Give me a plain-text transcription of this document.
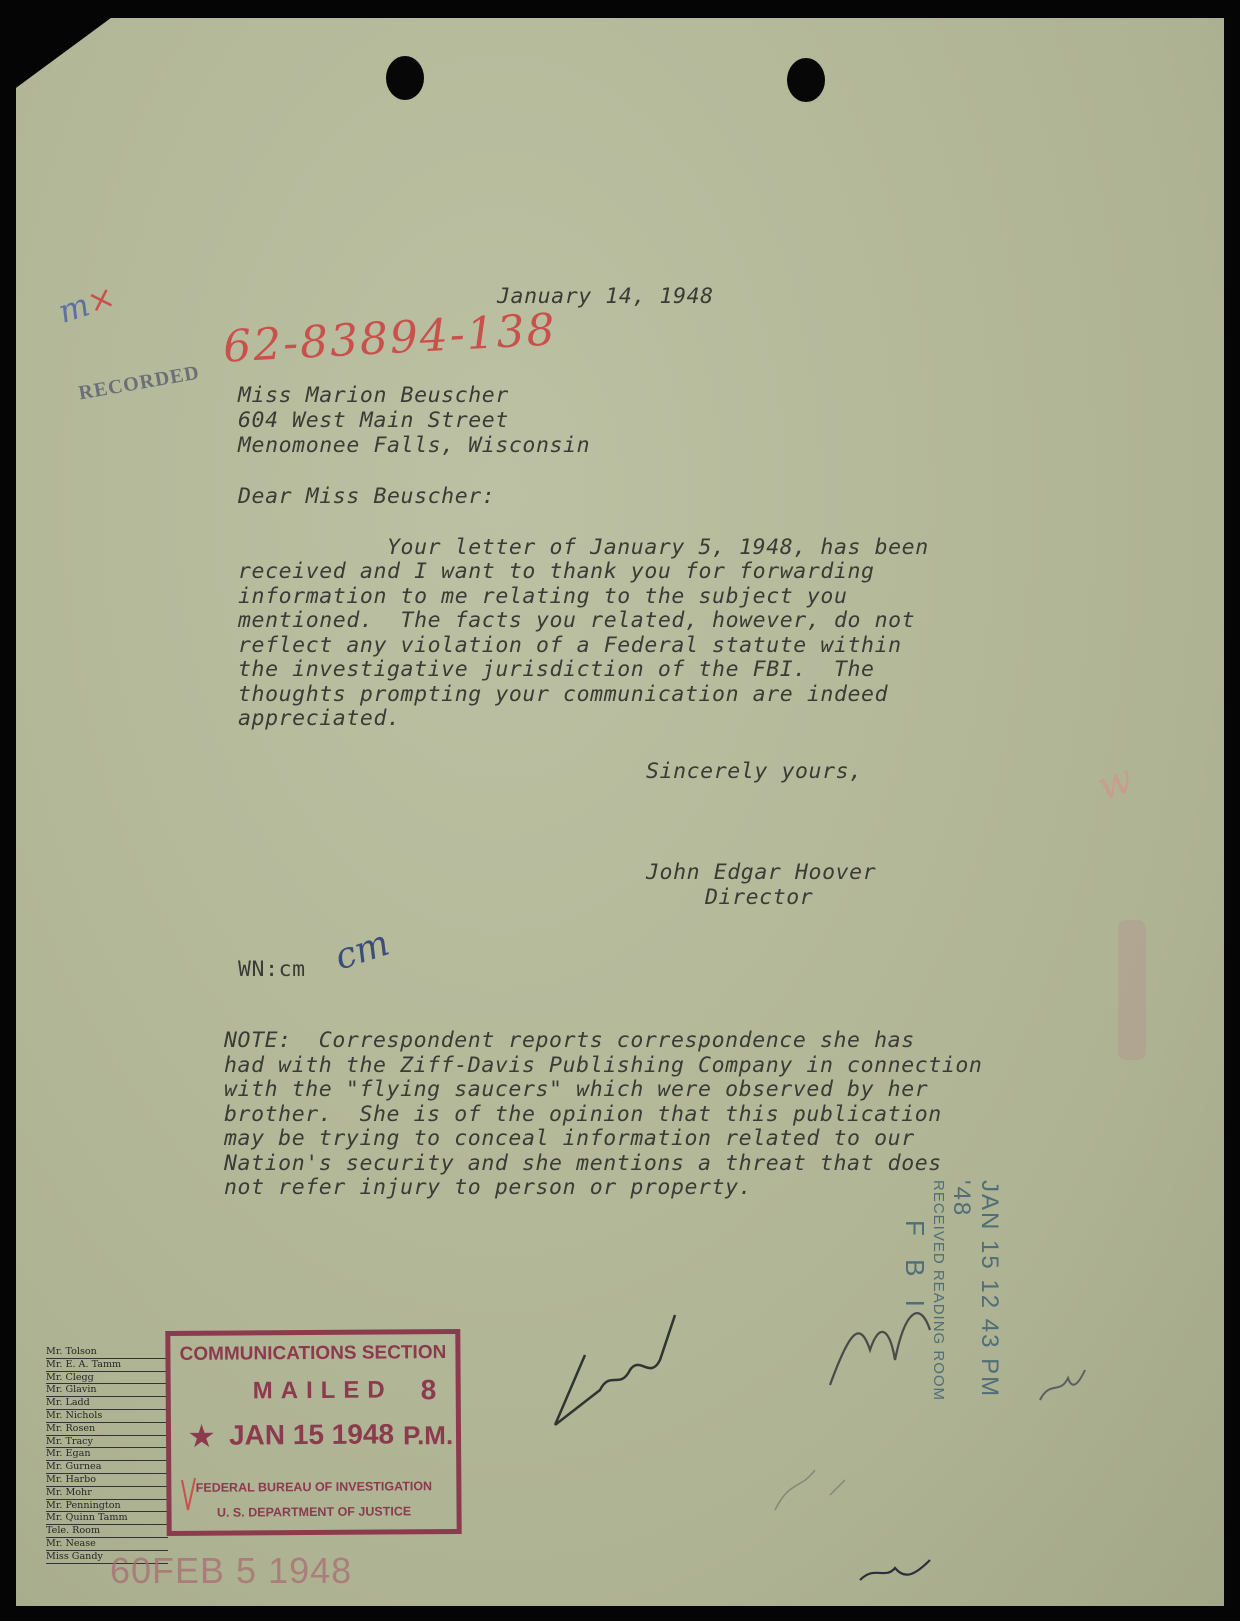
January 14, 1948

62-83894-138
RECORDED
m×

Miss Marion Beuscher

604 West Main Street

Menomonee Falls, Wisconsin

Dear Miss Beuscher:

Your letter of January 5, 1948, has been

received and I want to thank you for forwarding

information to me relating to the subject you

mentioned.  The facts you related, however, do not

reflect any violation of a Federal statute within

the investigative jurisdiction of the FBI.  The

thoughts prompting your communication are indeed

appreciated.

Sincerely yours,

John Edgar Hoover

Director

WN:cm cm
w

NOTE:  Correspondent reports correspondence she has

had with the Ziff-Davis Publishing Company in connection

with the "flying saucers" which were observed by her

brother.  She is of the opinion that this publication

may be trying to conceal information related to our

Nation's security and she mentions a threat that does

not refer injury to person or property.	JAN 15 12 43 PM '48
RECEIVED READING ROOM
F B I
Mr. Tolson
Mr. E. A. Tamm
Mr. Clegg
Mr. Glavin
Mr. Ladd
Mr. Nichols
Mr. Rosen
Mr. Tracy
Mr. Egan
Mr. Gurnea
Mr. Harbo
Mr. Mohr
Mr. Pennington
Mr. Quinn Tamm
Tele. Room
Mr. Nease
Miss Gandy
COMMUNICATIONS SECTION
MAILED 8
★ JAN 15 1948 P.M.
FEDERAL BUREAU OF INVESTIGATION
U. S. DEPARTMENT OF JUSTICE
60FEB 5 1948
